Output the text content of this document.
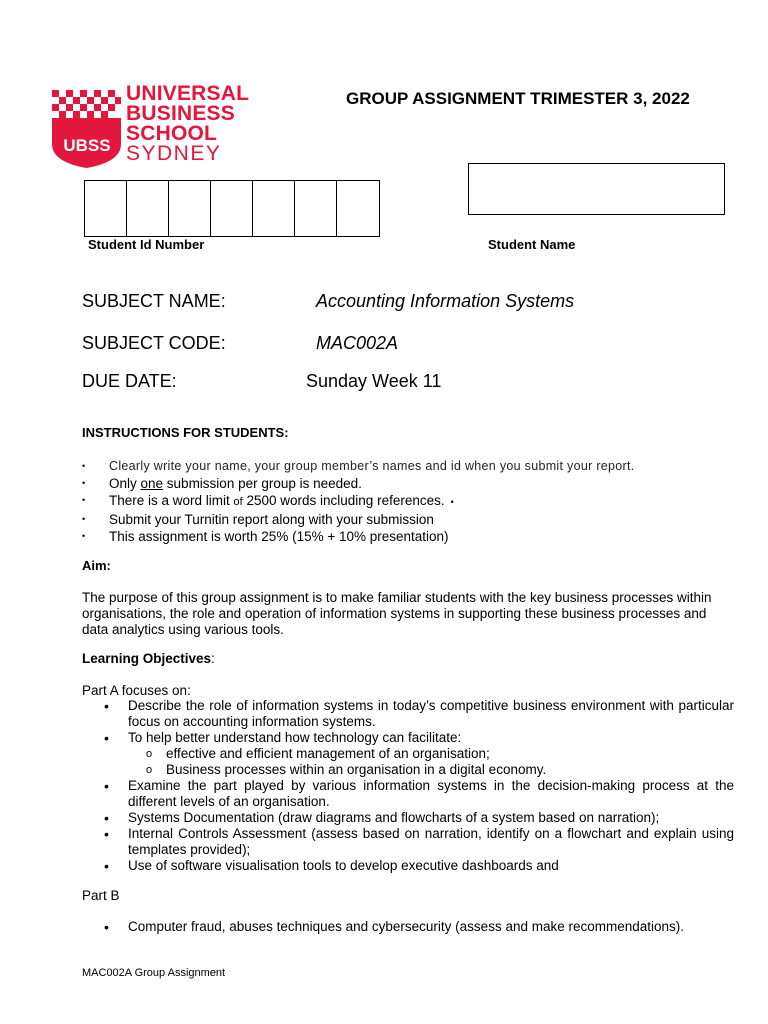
UBSS
UNIVERSAL
BUSINESS
SCHOOL
SYDNEY
GROUP ASSIGNMENT TRIMESTER 3, 2022
Student Id Number	Student Name
SUBJECT NAME:	Accounting Information Systems
SUBJECT CODE:	MAC002A
DUE DATE:	Sunday Week 11
INSTRUCTIONS FOR STUDENTS:
•	Clearly write your name, your group member’s names and id when you submit your report.
•	Only one submission per group is needed.
•	There is a word limit of 2500 words including references. •
•	Submit your Turnitin report along with your submission
•	This assignment is worth 25% (15% + 10% presentation)
Aim:
The purpose of this group assignment is to make familiar students with the key business processes within organisations, the role and operation of information systems in supporting these business processes and data analytics using various tools.
Learning Objectives:
Part A focuses on:
•	Describe the role of information systems in today’s competitive business environment with particular focus on accounting information systems.
•	To help better understand how technology can facilitate:
o	effective and efficient management of an organisation;
o	Business processes within an organisation in a digital economy.
•	Examine the part played by various information systems in the decision-making process at the different levels of an organisation.
•	Systems Documentation (draw diagrams and flowcharts of a system based on narration);
•	Internal Controls Assessment (assess based on narration, identify on a flowchart and explain using templates provided);
•	Use of software visualisation tools to develop executive dashboards and
Part B
•	Computer fraud, abuses techniques and cybersecurity (assess and make recommendations).
MAC002A Group Assignment
